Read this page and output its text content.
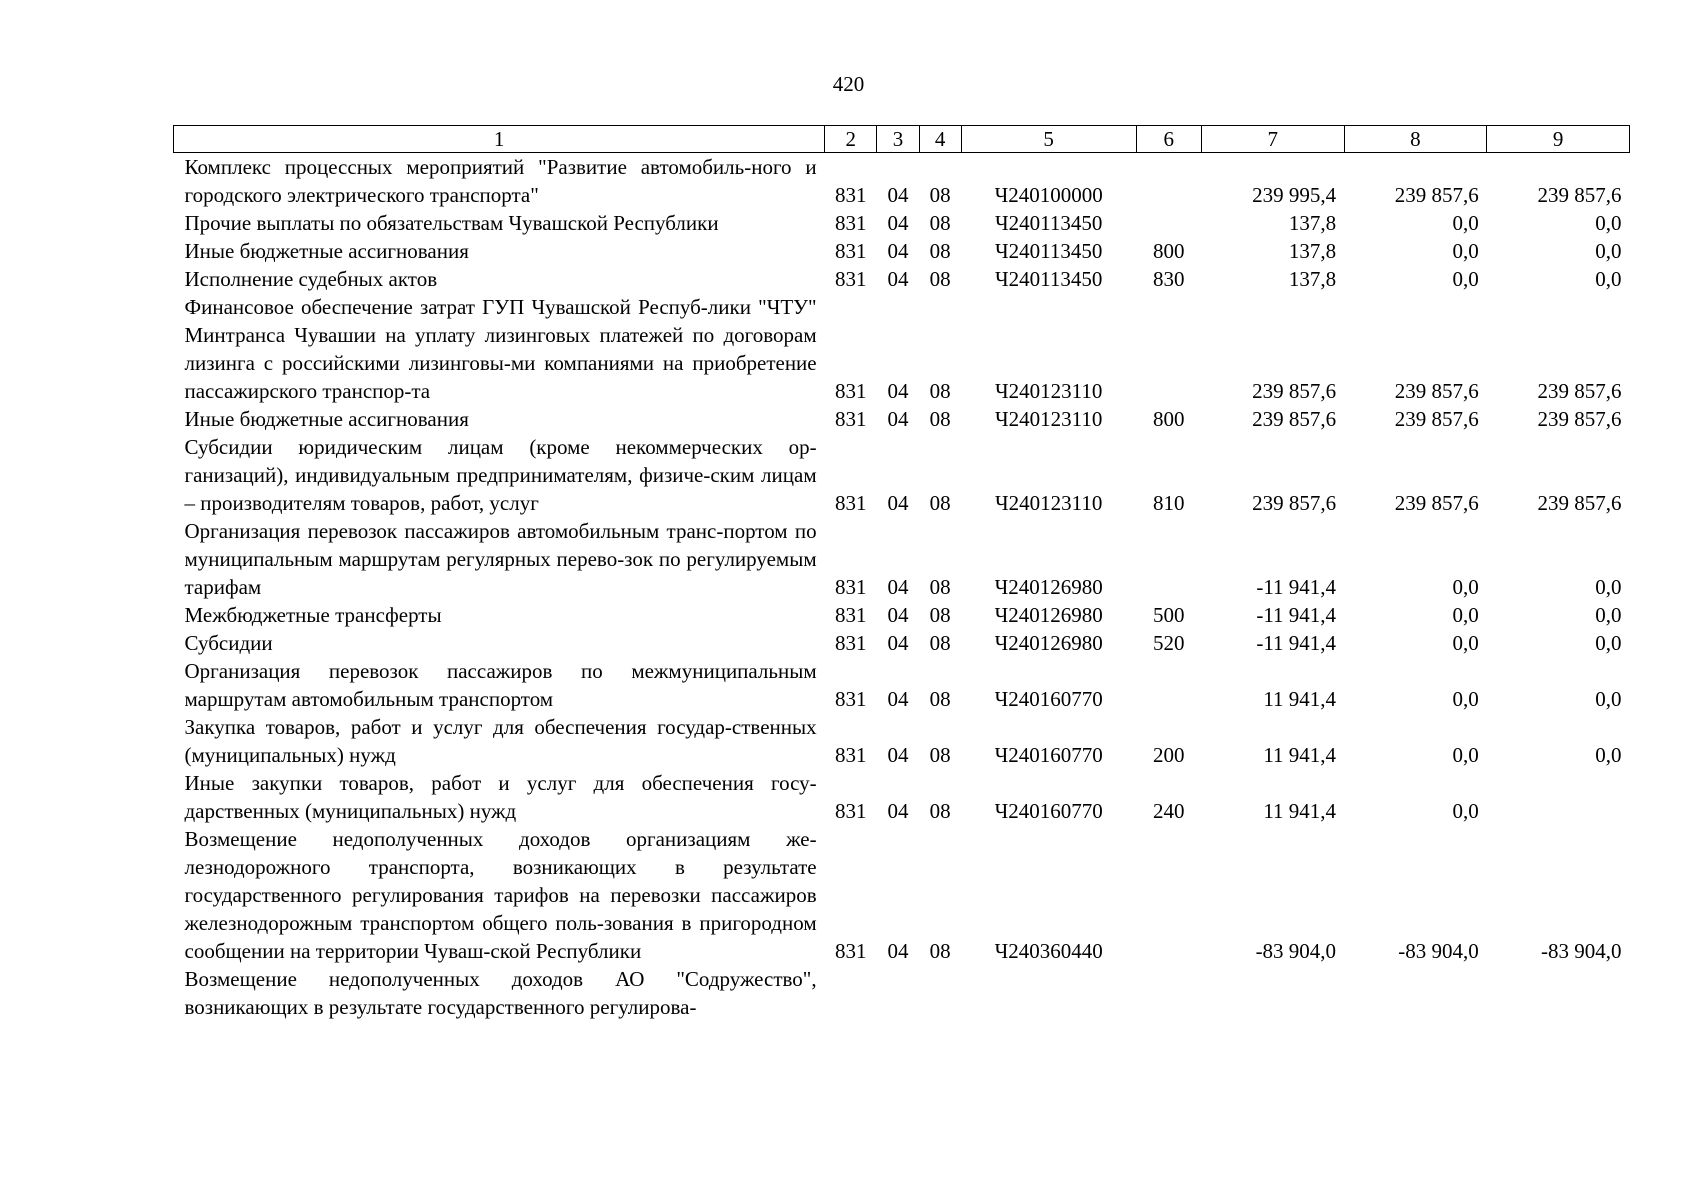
420
1	2	3	4	5	6	7	8	9
Комплекс процессных мероприятий "Развитие автомобиль-ного и городского электрического транспорта"	831	04	08	Ч240100000		239 995,4	239 857,6	239 857,6
Прочие выплаты по обязательствам Чувашской Республики	831	04	08	Ч240113450		137,8	0,0	0,0
Иные бюджетные ассигнования	831	04	08	Ч240113450	800	137,8	0,0	0,0
Исполнение судебных актов	831	04	08	Ч240113450	830	137,8	0,0	0,0
Финансовое обеспечение затрат ГУП Чувашской Респуб-лики "ЧТУ" Минтранса Чувашии на уплату лизинговых платежей по договорам лизинга с российскими лизинговы-ми компаниями на приобретение пассажирского транспор-та	831	04	08	Ч240123110		239 857,6	239 857,6	239 857,6
Иные бюджетные ассигнования	831	04	08	Ч240123110	800	239 857,6	239 857,6	239 857,6
Субсидии юридическим лицам (кроме некоммерческих ор-ганизаций), индивидуальным предпринимателям, физиче-ским лицам – производителям товаров, работ, услуг	831	04	08	Ч240123110	810	239 857,6	239 857,6	239 857,6
Организация перевозок пассажиров автомобильным транс-портом по муниципальным маршрутам регулярных перево-зок по регулируемым тарифам	831	04	08	Ч240126980		-11 941,4	0,0	0,0
Межбюджетные трансферты	831	04	08	Ч240126980	500	-11 941,4	0,0	0,0
Субсидии	831	04	08	Ч240126980	520	-11 941,4	0,0	0,0
Организация перевозок пассажиров по межмуниципальным маршрутам автомобильным транспортом	831	04	08	Ч240160770		11 941,4	0,0	0,0
Закупка товаров, работ и услуг для обеспечения государ-ственных (муниципальных) нужд	831	04	08	Ч240160770	200	11 941,4	0,0	0,0
Иные закупки товаров, работ и услуг для обеспечения госу-дарственных (муниципальных) нужд	831	04	08	Ч240160770	240	11 941,4	0,0	
Возмещение недополученных доходов организациям же-лезнодорожного транспорта, возникающих в результате государственного регулирования тарифов на перевозки пассажиров железнодорожным транспортом общего поль-зования в пригородном сообщении на территории Чуваш-ской Республики	831	04	08	Ч240360440		-83 904,0	-83 904,0	-83 904,0
Возмещение недополученных доходов АО "Содружество", возникающих в результате государственного регулирова-								
